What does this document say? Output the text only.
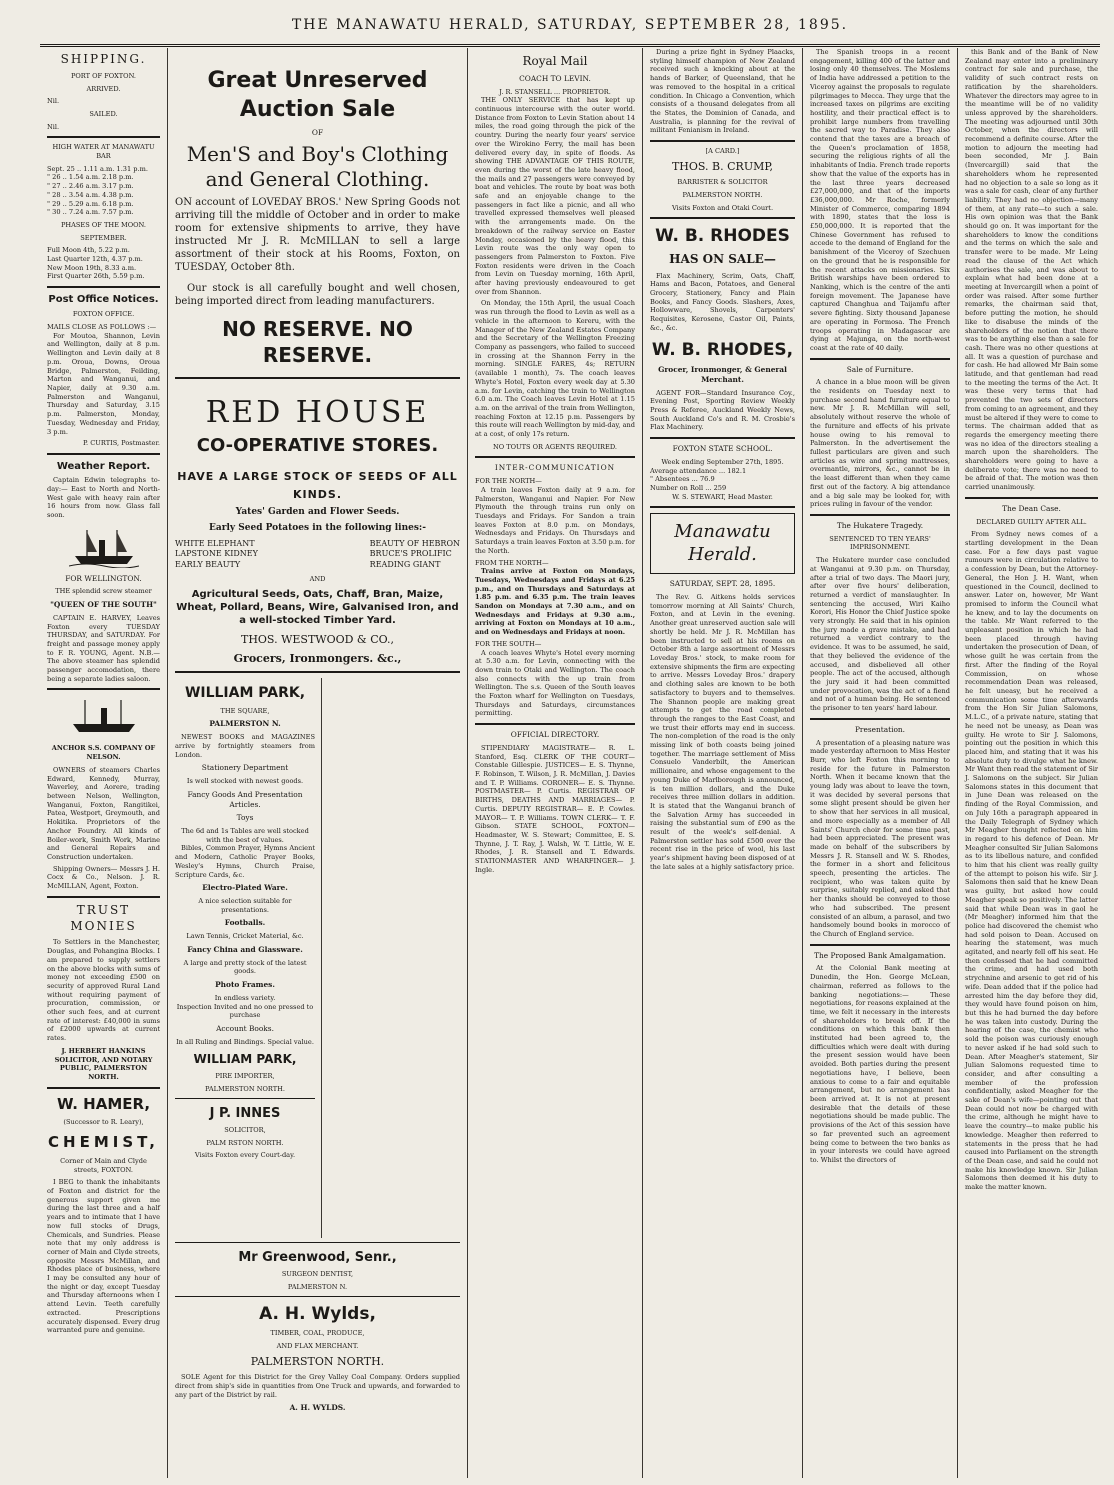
THE MANAWATU HERALD, SATURDAY, SEPTEMBER 28, 1895.
SHIPPING.
PORT OF FOXTON.
ARRIVED.
Nil.
SAILED.
Nil.
HIGH WATER AT MANAWATU BAR
Sept. 25 .. 1.11 a.m. 1.31 p.m.
" 26 .. 1.54 a.m. 2.18 p.m.
" 27 .. 2.46 a.m. 3.17 p.m.
" 28 .. 3.54 a.m. 4.38 p.m.
" 29 .. 5.29 a.m. 6.18 p.m.
" 30 .. 7.24 a.m. 7.57 p.m.
PHASES OF THE MOON.
SEPTEMBER.
Full Moon 4th, 5.22 p.m.
Last Quarter 12th, 4.37 p.m.
New Moon 19th, 8.33 a.m.
First Quarter 26th, 5.59 p.m.
Post Office Notices.
FOXTON OFFICE.
MAILS CLOSE AS FOLLOWS :—
For Moutoa, Shannon, Levin and Wellington, daily at 8 p.m. Wellington and Levin daily at 8 p.m. Oroua, Downs, Oroua Bridge, Palmerston, Feilding, Marton and Wanganui, and Napier, daily at 9.30 a.m. Palmerston and Wanganui, Thursday and Saturday, 3.15 p.m. Palmerston, Monday, Tuesday, Wednesday and Friday, 3 p.m.
P. CURTIS, Postmaster.
Weather Report.
Captain Edwin telegraphs to-day:— East to North and North-West gale with heavy rain after 16 hours from now. Glass fall soon.
FOR WELLINGTON.
THE splendid screw steamer
"QUEEN OF THE SOUTH"
CAPTAIN E. HARVEY, Leaves Foxton every TUESDAY THURSDAY, and SATURDAY. For freight and passage money apply to F. R. YOUNG, Agent. N.B.—The above steamer has splendid passenger accomodation, there being a separate ladies saloon.
ANCHOR S.S. COMPANY OF NELSON.
OWNERS of steamers Charles Edward, Kennedy, Murray, Waverley, and Aorere, trading between Nelson, Wellington, Wanganui, Foxton, Rangitikei, Patea, Westport, Greymouth, and Hokitika. Proprietors of the Anchor Foundry. All kinds of Boiler-work, Smith Work, Marine and General Repairs and Construction undertaken.
Shipping Owners— Messrs J. H. Cocx & Co., Nelson. J. R. McMILLAN, Agent, Foxton.
TRUST MONIES
To Settlers in the Manchester, Douglas, and Pohangina Blocks. I am prepared to supply settlers on the above blocks with sums of money not exceeding £500 on security of approved Rural Land without requiring payment of procuration, commission, or other such fees, and at current rate of interest: £40,000 in sums of £2000 upwards at current rates.
J. HERBERT HANKINS SOLICITOR, AND NOTARY PUBLIC, PALMERSTON NORTH.
W. HAMER,
(Successor to R. Leary),
CHEMIST,
Corner of Main and Clyde streets, FOXTON.
I BEG to thank the inhabitants of Foxton and district for the generous support given me during the last three and a half years and to intimate that I have now full stocks of Drugs, Chemicals, and Sundries. Please note that my only address is corner of Main and Clyde streets, opposite Messrs McMillan, and Rhodes place of business, where I may be consulted any hour of the night or day, except Tuesday and Thursday afternoons when I attend Levin. Teeth carefully extracted. Prescriptions accurately dispensed. Every drug warranted pure and genuine.
Great Unreserved Auction Sale
OF
Men'S and Boy's Clothing and General Clothing.
ON account of LOVEDAY BROS.' New Spring Goods not arriving till the middle of October and in order to make room for extensive shipments to arrive, they have instructed Mr J. R. McMILLAN to sell a large assortment of their stock at his Rooms, Foxton, on TUESDAY, October 8th.
Our stock is all carefully bought and well chosen, being imported direct from leading manufacturers.
NO RESERVE. NO RESERVE.
RED HOUSE
CO-OPERATIVE STORES.
HAVE A LARGE STOCK OF SEEDS OF ALL KINDS.
Yates' Garden and Flower Seeds.
Early Seed Potatoes in the following lines:-
WHITE ELEPHANT
LAPSTONE KIDNEY
EARLY BEAUTY
BEAUTY OF HEBRON
BRUCE'S PROLIFIC
READING GIANT
AND
Agricultural Seeds, Oats, Chaff, Bran, Maize, Wheat, Pollard, Beans, Wire, Galvanised Iron, and a well-stocked Timber Yard.
THOS. WESTWOOD & CO.,
Grocers, Ironmongers. &c.,
WILLIAM PARK,
THE SQUARE,
PALMERSTON N.
NEWEST BOOKS and MAGAZINES arrive by fortnightly steamers from London.
Stationery Department
Is well stocked with newest goods.
Fancy Goods And Presentation Articles.
Toys
The 6d and 1s Tables are well stocked with the best of values.
Bibles, Common Prayer, Hymns Ancient and Modern, Catholic Prayer Books, Wesley's Hymns, Church Praise, Scripture Cards, &c.
Electro-Plated Ware.
A nice selection suitable for presentations.
Footballs.
Lawn Tennis, Cricket Material, &c.
Fancy China and Glassware.
A large and pretty stock of the latest goods.
Photo Frames.
In endless variety.
Inspection Invited and no one pressed to purchase
Account Books.
In all Ruling and Bindings. Special value.
WILLIAM PARK,
PIRE IMPORTER,
PALMERSTON NORTH.
J P. INNES
SOLICITOR,
PALM RSTON NORTH.
Visits Foxton every Court-day.
Mr Greenwood, Senr.,
SURGEON DENTIST,
PALMERSTON N.
A. H. Wylds,
TIMBER, COAL, PRODUCE,
AND FLAX MERCHANT.
PALMERSTON NORTH.
SOLE Agent for this District for the Grey Valley Coal Company. Orders supplied direct from ship's side in quantities from One Truck and upwards, and forwarded to any part of the District by rail.
A. H. WYLDS.
Royal Mail
COACH TO LEVIN.
J. R. STANSELL ... PROPRIETOR.
THE ONLY SERVICE that has kept up continuous intercourse with the outer world. Distance from Foxton to Levin Station about 14 miles, the road going through the pick of the country. During the nearly four years' service over the Wirokino Ferry, the mail has been delivered every day, in spite of floods. As showing THE ADVANTAGE OF THIS ROUTE, even during the worst of the late heavy flood, the mails and 27 passengers were conveyed by boat and vehicles. The route by boat was both safe and an enjoyable change to the passengers in fact like a picnic, and all who travelled expressed themselves well pleased with the arrangements made. On the breakdown of the railway service on Easter Monday, occasioned by the heavy flood, this Levin route was the only way open to passengers from Palmerston to Foxton. Five Foxton residents were driven in the Coach from Levin on Tuesday morning, 16th April, after having previously endeavoured to get over from Shannon.
On Monday, the 15th April, the usual Coach was run through the flood to Levin as well as a vehicle in the afternoon to Kereru, with the Manager of the New Zealand Estates Company and the Secretary of the Wellington Freezing Company as passengers, who failed to succeed in crossing at the Shannon Ferry in the morning. SINGLE FARES, 4s; RETURN (available 1 month), 7s. The coach leaves Whyte's Hotel, Foxton every week day at 5.30 a.m. for Levin, catching the train to Wellington 6.0 a.m. The Coach leaves Levin Hotel at 1.15 a.m. on the arrival of the train from Wellington, reaching Foxton at 12.15 p.m. Passengers by this route will reach Wellington by mid-day, and at a cost, of only 17s return.
NO TOUTS OR AGENTS REQUIRED.
INTER-COMMUNICATION
FOR THE NORTH—
A train leaves Foxton daily at 9 a.m. for Palmerston, Wanganui and Napier. For New Plymouth the through trains run only on Tuesdays and Fridays. For Sandon a train leaves Foxton at 8.0 p.m. on Mondays, Wednesdays and Fridays. On Thursdays and Saturdays a train leaves Foxton at 3.50 p.m. for the North.
FROM THE NORTH—
Trains arrive at Foxton on Mondays, Tuesdays, Wednesdays and Fridays at 6.25 p.m., and on Thursdays and Saturdays at 1.85 p.m. and 6.35 p.m. The train leaves Sandon on Mondays at 7.30 a.m., and on Wednesdays and Fridays at 9.30 a.m., arriving at Foxton on Mondays at 10 a.m., and on Wednesdays and Fridays at noon.
FOR THE SOUTH—
A coach leaves Whyte's Hotel every morning at 5.30 a.m. for Levin, connecting with the down train to Otaki and Wellington. The coach also connects with the up train from Wellington. The s.s. Queen of the South leaves the Foxton wharf for Wellington on Tuesdays, Thursdays and Saturdays, circumstances permitting.
OFFICIAL DIRECTORY.
STIPENDIARY MAGISTRATE— R. L. Stanford, Esq. CLERK OF THE COURT— Constable Gillespie. JUSTICES— E. S. Thynne, F. Robinson, T. Wilson, J. R. McMillan, J. Davies and T. P. Williams. CORONER— E. S. Thynne. POSTMASTER— P. Curtis. REGISTRAR OF BIRTHS, DEATHS AND MARRIAGES— P. Curtis. DEPUTY REGISTRAR— E. P. Cowles. MAYOR— T. P. Williams. TOWN CLERK— T. F. Gibson. STATE SCHOOL, FOXTON— Headmaster, W. S. Stewart; Committee, E. S. Thynne, J. T. Ray, J. Walsh, W. T. Little, W. E. Rhodes, J. R. Stansell and T. Edwards. STATIONMASTER AND WHARFINGER— J. Ingle.
During a prize fight in Sydney Plaacks, styling himself champion of New Zealand received such a knocking about at the hands of Barker, of Queensland, that he was removed to the hospital in a critical condition. In Chicago a Convention, which consists of a thousand delegates from all the States, the Dominion of Canada, and Australia, is planning for the revival of militant Fenianism in Ireland.
[A CARD.]
THOS. B. CRUMP,
BARRISTER & SOLICITOR
PALMERSTON NORTH.
Visits Foxton and Otaki Court.
W. B. RHODES
HAS ON SALE—
Flax Machinery, Scrim, Oats, Chaff, Hams and Bacon, Potatoes, and General Grocery, Stationery, Fancy and Plain Books, and Fancy Goods. Slashers, Axes, Hollowware, Shovels, Carpenters' Requisites, Kerosene, Castor Oil, Paints, &c., &c.
W. B. RHODES,
Grocer, Ironmonger, & General Merchant.
AGENT FOR—Standard Insurance Coy., Evening Post, Sporting Review Weekly Press & Referee, Auckland Weekly News, South Auckland Co's and R. M. Crosbie's Flax Machinery.
FOXTON STATE SCHOOL.
Week ending September 27th, 1895.
Average attendance ... 182.1
" Absentees ... 76.9
Number on Roll ... 259
W. S. STEWART, Head Master.
Manawatu Herald.
SATURDAY, SEPT. 28, 1895.
The Rev. G. Aitkens holds services tomorrow morning at All Saints' Church, Foxton, and at Levin in the evening. Another great unreserved auction sale will shortly be held. Mr J. R. McMillan has been instructed to sell at his rooms on October 8th a large assortment of Messrs Loveday Bros.' stock, to make room for extensive shipments the firm are expecting to arrive. Messrs Loveday Bros.' drapery and clothing sales are known to be both satisfactory to buyers and to themselves. The Shannon people are making great attempts to get the road completed through the ranges to the East Coast, and we trust their efforts may end in success. The non-completion of the road is the only missing link of both coasts being joined together. The marriage settlement of Miss Consuelo Vanderbilt, the American millionaire, and whose engagement to the young Duke of Marlborough is announced, is ten million dollars, and the Duke receives three million dollars in addition. It is stated that the Wanganui branch of the Salvation Army has succeeded in raising the substantial sum of £90 as the result of the week's self-denial. A Palmerston settler has sold £500 over the recent rise in the price of wool, his last year's shipment having been disposed of at the late sales at a highly satisfactory price.
The Spanish troops in a recent engagement, killing 400 of the latter and losing only 40 themselves. The Moslems of India have addressed a petition to the Viceroy against the proposals to regulate pilgrimages to Mecca. They urge that the increased taxes on pilgrims are exciting hostility, and their practical effect is to prohibit large numbers from travelling the sacred way to Paradise. They also contend that the taxes are a breach of the Queen's proclamation of 1858, securing the religious rights of all the inhabitants of India. French trade reports show that the value of the exports has in the last three years decreased £27,000,000, and that of the imports £36,000,000. Mr Roche, formerly Minister of Commerce, comparing 1894 with 1890, states that the loss is £50,000,000. It is reported that the Chinese Government has refused to accede to the demand of England for the banishment of the Viceroy of Szechuen on the ground that he is responsible for the recent attacks on missionaries. Six British warships have been ordered to Nanking, which is the centre of the anti foreign movement. The Japanese have captured Changhua and Taijamfu after severe fighting. Sixty thousand Japanese are operating in Formosa. The French troops operating in Madagascar are dying at Majunga, on the north-west coast at the rate of 40 daily.
Sale of Furniture.
A chance in a blue moon will be given the residents on Tuesday next to purchase second hand furniture equal to new. Mr J. R. McMillan will sell, absolutely without reserve the whole of the furniture and effects of his private house owing to his removal to Palmerston. In the advertisement the fullest particulars are given and such articles as wire and spring mattresses, overmantle, mirrors, &c., cannot be in the least different than when they came first out of the factory. A big attendance and a big sale may be looked for, with prices ruling in favour of the vendor.
The Hukatere Tragedy.
SENTENCED TO TEN YEARS' IMPRISONMENT.
The Hukatere murder case concluded at Wanganui at 9.30 p.m. on Thursday, after a trial of two days. The Maori jury, after over five hours' deliberation, returned a verdict of manslaughter. In sentencing the accused, Wiri Kaiho Korori, His Honor the Chief Justice spoke very strongly. He said that in his opinion the jury made a grave mistake, and had returned a verdict contrary to the evidence. It was to be assumed, he said, that they believed the evidence of the accused, and disbelieved all other people. The act of the accused, although the jury said it had been committed under provocation, was the act of a fiend and not of a human being. He sentenced the prisoner to ten years' hard labour.
Presentation.
A presentation of a pleasing nature was made yesterday afternoon to Miss Hester Burr, who left Foxton this morning to reside for the future in Palmerston North. When it became known that the young lady was about to leave the town, it was decided by several persons that some slight present should be given her to show that her services in all musical, and more especially as a member of All Saints' Church choir for some time past, had been appreciated. The present was made on behalf of the subscribers by Messrs J. R. Stansell and W. S. Rhodes, the former in a short and felicitous speech, presenting the articles. The recipient, who was taken quite by surprise, suitably replied, and asked that her thanks should be conveyed to those who had subscribed. The present consisted of an album, a parasol, and two handsomely bound books in morocco of the Church of England service.
The Proposed Bank Amalgamation.
At the Colonial Bank meeting at Dunedin, the Hon. George McLean, chairman, referred as follows to the banking negotiations:— These negotiations, for reasons explained at the time, we felt it necessary in the interests of shareholders to break off. If the conditions on which this bank then instituted had been agreed to, the difficulties which were dealt with during the present session would have been avoided. Both parties during the present negotiations have, I believe, been anxious to come to a fair and equitable arrangement, but no arrangement has been arrived at. It is not at present desirable that the details of these negotiations should be made public. The provisions of the Act of this session have so far prevented such an agreement being come to between the two banks as in your interests we could have agreed to. Whilst the directors of
this Bank and of the Bank of New Zealand may enter into a preliminary contract for sale and purchase, the validity of such contract rests on ratification by the shareholders. Whatever the directors may agree to in the meantime will be of no validity unless approved by the shareholders. The meeting was adjourned until 30th October, when the directors will recommend a definite course. After the motion to adjourn the meeting had been seconded, Mr J. Bain (Invercargill) said that the shareholders whom he represented had no objection to a sale so long as it was a sale for cash, clear of any further liability. They had no objection—many of them, at any rate—to such a sale. His own opinion was that the Bank should go on. It was important for the shareholders to know the conditions and the terms on which the sale and transfer were to be made. Mr Leing read the clause of the Act which authorises the sale, and was about to explain what had been done at a meeting at Invercargill when a point of order was raised. After some further remarks, the chairman said that, before putting the motion, he should like to disabuse the minds of the shareholders of the notion that there was to be anything else than a sale for cash. There was no other questions at all. It was a question of purchase and for cash. He had allowed Mr Bain some latitude, and that gentleman had read to the meeting the terms of the Act. It was these very terms that had prevented the two sets of directors from coming to an agreement, and they must be altered if they were to come to terms. The chairman added that as regards the emergency meeting there was no idea of the directors stealing a march upon the shareholders. The shareholders were going to have a deliberate vote; there was no need to be afraid of that. The motion was then carried unanimously.
The Dean Case.
DECLARED GUILTY AFTER ALL.
From Sydney news comes of a startling development in the Dean case. For a few days past vague rumours were in circulation relative to a confession by Dean, but the Attorney-General, the Hon J. H. Want, when questioned in the Council, declined to answer. Later on, however, Mr Want promised to inform the Council what he knew, and to lay the documents on the table. Mr Want referred to the unpleasant position in which he had been placed through having undertaken the prosecution of Dean, of whose guilt he was certain from the first. After the finding of the Royal Commission, on whose recommendation Dean was released, he felt uneasy, but he received a communication some time afterwards from the Hon Sir Julian Salomons, M.L.C., of a private nature, stating that he need not be uneasy, as Dean was guilty. He wrote to Sir J. Salomons, pointing out the position in which this placed him, and stating that it was his absolute duty to divulge what he knew. Mr Want then read the statement of Sir J. Salomons on the subject. Sir Julian Salomons states in this document that in June Dean was released on the finding of the Royal Commission, and on July 16th a paragraph appeared in the Daily Telegraph of Sydney which Mr Meagher thought reflected on him in regard to his defence of Dean. Mr Meagher consulted Sir Julian Salomons as to its libellous nature, and confided to him that his client was really guilty of the attempt to poison his wife. Sir J. Salomons then said that he knew Dean was guilty, but asked how could Meagher speak so positively. The latter said that while Dean was in gaol he (Mr Meagher) informed him that the police had discovered the chemist who had sold poison to Dean. Accused on hearing the statement, was much agitated, and nearly fell off his seat. He then confessed that he had committed the crime, and had used both strychnine and arsenic to get rid of his wife. Dean added that if the police had arrested him the day before they did, they would have found poison on him, but this he had burned the day before he was taken into custody. During the hearing of the case, the chemist who sold the poison was curiously enough to never asked if he had sold such to Dean. After Meagher's statement, Sir Julian Salomons requested time to consider, and after consulting a member of the profession confidentially, asked Meagher for the sake of Dean's wife—pointing out that Dean could not now be charged with the crime, although he might have to leave the country—to make public his knowledge. Meagher then referred to statements in the press that he had caused into Parliament on the strength of the Dean case, and said he could not make his knowledge known. Sir Julian Salomons then deemed it his duty to make the matter known.
